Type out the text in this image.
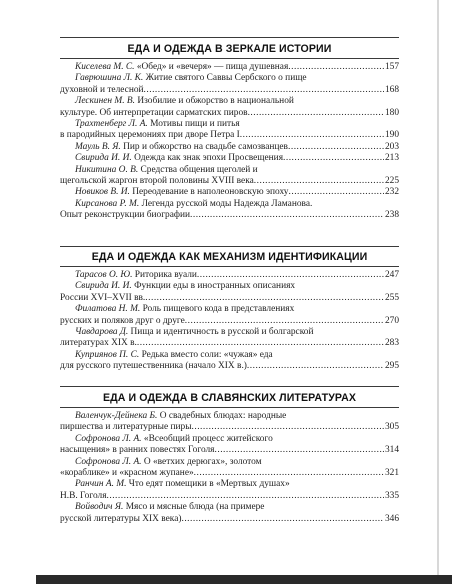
ЕДА И ОДЕЖДА В ЗЕРКАЛЕ ИСТОРИИ
Киселева М. С.
«Обед» и «вечеря» — пища душевная .....	157
Гаврюшина Л. К.
Житие святого Саввы Сербского о пище
духовной и телесной .....	168
Лескинен М. В.
Изобилие и обжорство в национальной
культуре. Об интерпретации сарматских пиров .....	180
Трахтенберг Л. А.
Мотивы пищи и питья
в пародийных церемониях при дворе Петра I .....	190
Мауль В. Я.
Пир и обжорство на свадьбе самозванцев .....	203
Свирида И. И.
Одежда как знак эпохи Просвещения .....	213
Никитина О. В.
Средства общения щеголей и
щегольской жаргон второй половины XVIII века .....	225
Новиков В. И.
Переодевание в наполеоновскую эпоху .....	232
Кирсанова Р. М.
Легенда русской моды Надежда Ламанова.
Опыт реконструкции биографии .....	238
ЕДА И ОДЕЖДА КАК МЕХАНИЗМ ИДЕНТИФИКАЦИИ
Тарасов О. Ю.
Риторика вуали .....	247
Свирида И. И.
Функции еды в иностранных описаниях
России XVI–XVII вв. .....	255
Филатова Н. М.
Роль пищевого кода в представлениях
русских и поляков друг о друге .....	270
Чавдарова Д.
Пища и идентичность в русской и болгарской
литературах XIX в. .....	283
Куприянов П. С.
Редька вместо соли: «чужая» еда
для русского путешественника (начало XIX в.) .....	295
ЕДА И ОДЕЖДА В СЛАВЯНСКИХ ЛИТЕРАТУРАХ
Валенчук-Дейнека Б.
О свадебных блюдах: народные
пиршества и литературные пиры .....	305
Софронова Л. А.
«Всеобщий процесс житейского
насыщения» в ранних повестях Гоголя .....	314
Софронова Л. А.
О «ветхих дерюгах», золотом
«кораблике» и «красном жупане» .....	321
Ранчин А. М.
Что едят помещики в «Мертвых душах»
Н.В. Гоголя .....	335
Войводич Я.
Мясо и мясные блюда (на примере
русской литературы XIX века) .....	346
